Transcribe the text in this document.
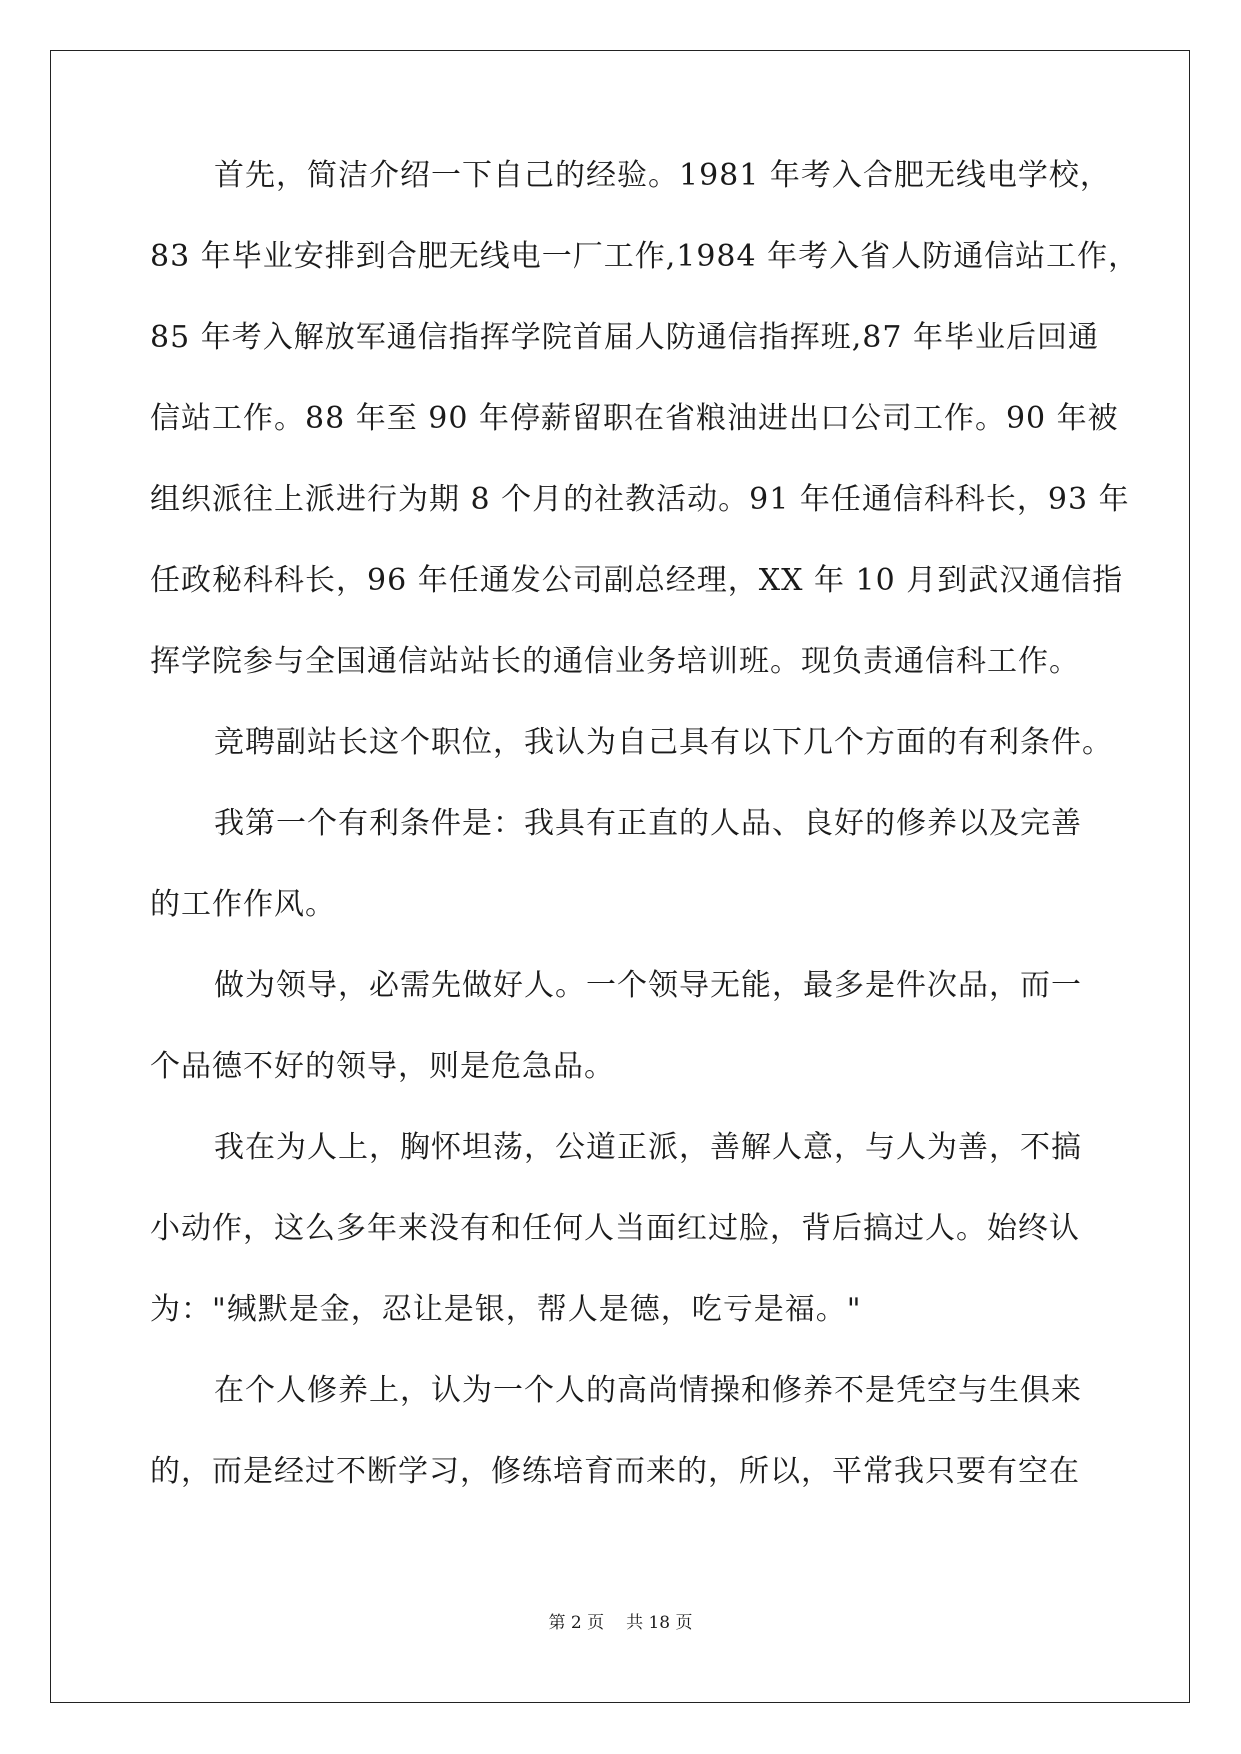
首先，简洁介绍一下自己的经验。1981 年考入合肥无线电学校，
83 年毕业安排到合肥无线电一厂工作,1984 年考入省人防通信站工作，
85 年考入解放军通信指挥学院首届人防通信指挥班,87 年毕业后回通
信站工作。88 年至 90 年停薪留职在省粮油进出口公司工作。90 年被
组织派往上派进行为期 8 个月的社教活动。91 年任通信科科长，93 年
任政秘科科长，96 年任通发公司副总经理，XX 年 10 月到武汉通信指
挥学院参与全国通信站站长的通信业务培训班。现负责通信科工作。
竞聘副站长这个职位，我认为自己具有以下几个方面的有利条件。
我第一个有利条件是：我具有正直的人品、良好的修养以及完善
的工作作风。
做为领导，必需先做好人。一个领导无能，最多是件次品，而一
个品德不好的领导，则是危急品。
我在为人上，胸怀坦荡，公道正派，善解人意，与人为善，不搞
小动作，这么多年来没有和任何人当面红过脸，背后搞过人。始终认
为："缄默是金，忍让是银，帮人是德，吃亏是福。"
在个人修养上，认为一个人的高尚情操和修养不是凭空与生俱来
的，而是经过不断学习，修练培育而来的，所以，平常我只要有空在
第 2 页 共 18 页
